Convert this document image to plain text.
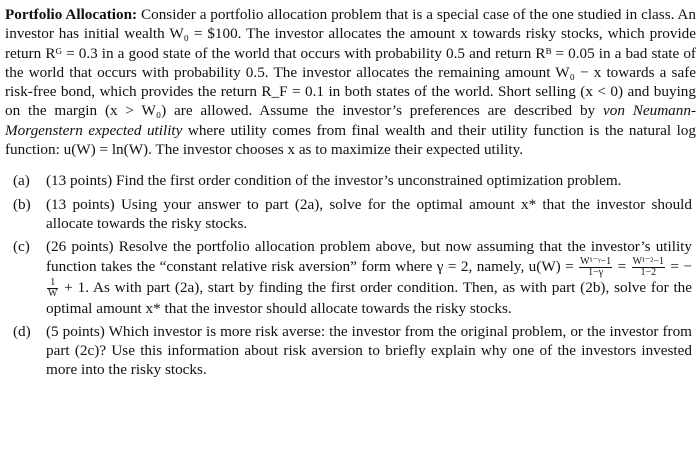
Portfolio Allocation: Consider a portfolio allocation problem that is a special case of the one studied in class. An investor has initial wealth W₀ = $100. The investor allocates the amount x towards risky stocks, which provide return Rᴳ = 0.3 in a good state of the world that occurs with probability 0.5 and return Rᴮ = 0.05 in a bad state of the world that occurs with probability 0.5. The investor allocates the remaining amount W₀ − x towards a safe risk-free bond, which provides the return R_F = 0.1 in both states of the world. Short selling (x < 0) and buying on the margin (x > W₀) are allowed. Assume the investor’s preferences are described by von Neumann-Morgenstern expected utility where utility comes from final wealth and their utility function is the natural log function: u(W) = ln(W). The investor chooses x as to maximize their expected utility.

(a)	(13 points) Find the first order condition of the investor’s unconstrained optimization problem.
(b)	(13 points) Using your answer to part (2a), solve for the optimal amount x* that the investor should allocate towards the risky stocks.
(c)	(26 points) Resolve the portfolio allocation problem above, but now assuming that the investor’s utility function takes the “constant relative risk aversion” form where γ = 2, namely, $u(W) = \frac{\text{W¹⁻ᵞ−1}}{1-\gamma} = \frac{\text{W¹⁻²−1}}{1-2}$ = −
$\frac{1}{W} + 1$. As with part (2a), start by finding the first order condition. Then, as with part (2b), solve for the optimal amount x* that the investor should allocate towards the risky stocks.
(d)	(5 points) Which investor is more risk averse: the investor from the original problem, or the investor from part (2c)? Use this information about risk aversion to briefly explain why one of the investors invested more into the risky stocks.
